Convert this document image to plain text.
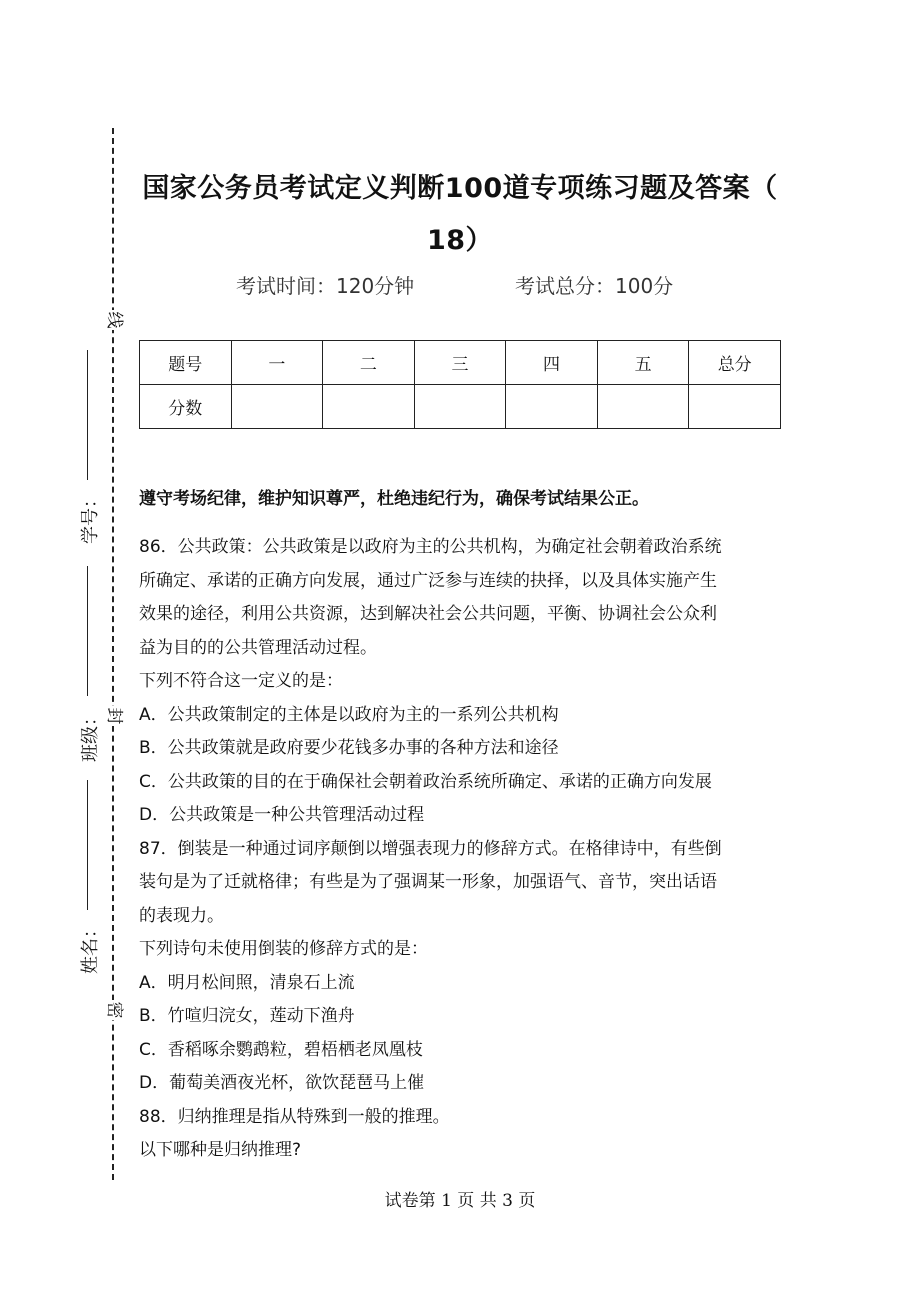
线
封
密
学号：
班级：
姓名：
国家公务员考试定义判断100道专项练习题及答案（
18）
考试时间：120分钟	考试总分：100分
题号	一	二	三	四	五	总分
分数						
遵守考场纪律，维护知识尊严，杜绝违纪行为，确保考试结果公正。

86．公共政策：公共政策是以政府为主的公共机构，为确定社会朝着政治系统

所确定、承诺的正确方向发展，通过广泛参与连续的抉择，以及具体实施产生

效果的途径，利用公共资源，达到解决社会公共问题，平衡、协调社会公众利

益为目的的公共管理活动过程。

下列不符合这一定义的是：

A．公共政策制定的主体是以政府为主的一系列公共机构

B．公共政策就是政府要少花钱多办事的各种方法和途径

C．公共政策的目的在于确保社会朝着政治系统所确定、承诺的正确方向发展

D．公共政策是一种公共管理活动过程

87．倒装是一种通过词序颠倒以增强表现力的修辞方式。在格律诗中，有些倒

装句是为了迁就格律；有些是为了强调某一形象，加强语气、音节，突出话语

的表现力。

下列诗句未使用倒装的修辞方式的是：

A．明月松间照，清泉石上流

B．竹喧归浣女，莲动下渔舟

C．香稻啄余鹦鹉粒，碧梧栖老凤凰枝

D．葡萄美酒夜光杯，欲饮琵琶马上催

88．归纳推理是指从特殊到一般的推理。

以下哪种是归纳推理?

试卷第 1 页 共 3 页
